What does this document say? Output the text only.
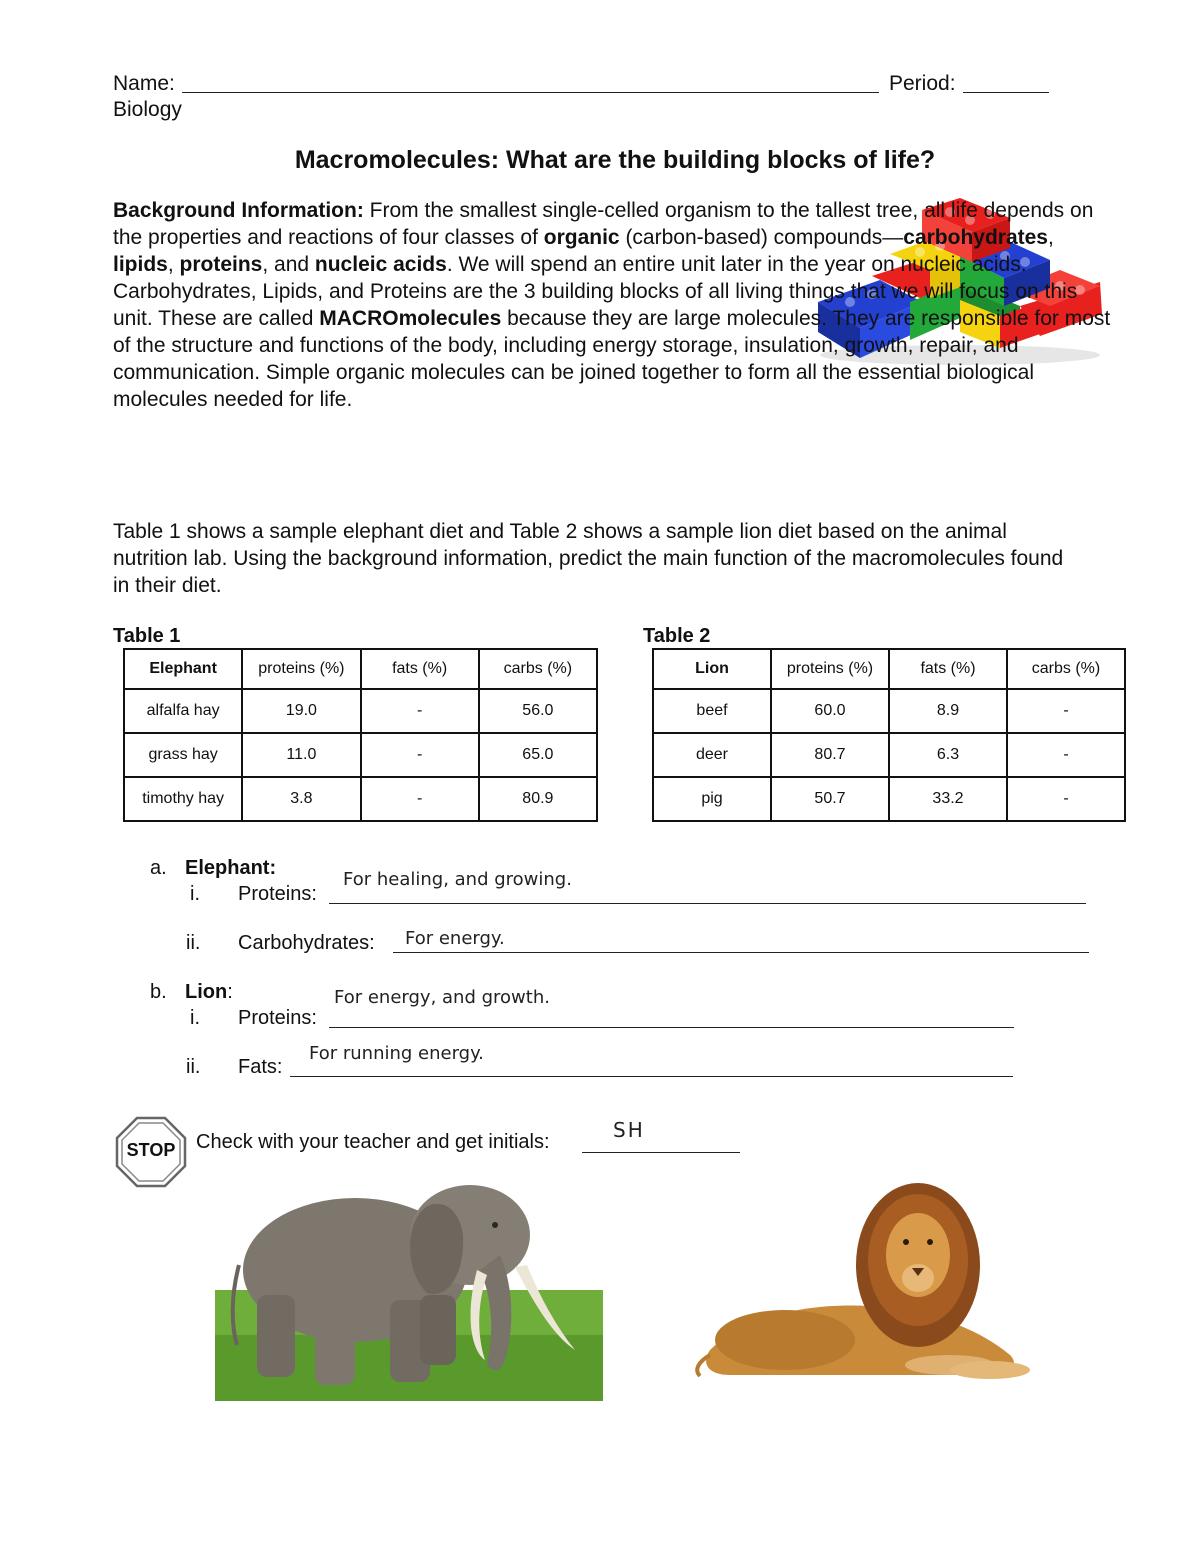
Name:	Period:
Biology
Macromolecules: What are the building blocks of life?

Background Information: From the smallest single-celled organism to the tallest tree, all life depends on the properties and reactions of four classes of organic (carbon-based) compounds—carbohydrates, lipids, proteins, and nucleic acids. We will spend an entire unit later in the year on nucleic acids. Carbohydrates, Lipids, and Proteins are the 3 building blocks of all living things that we will focus on this unit. These are called MACROmolecules because they are large molecules. They are responsible for most of the structure and functions of the body, including energy storage, insulation, growth, repair, and communication. Simple organic molecules can be joined together to form all the essential biological molecules needed for life.

Table 1 shows a sample elephant diet and Table 2 shows a sample lion diet based on the animal nutrition lab. Using the background information, predict the main function of the macromolecules found in their diet.
Table 1	Table 2
Elephant	proteins (%)	fats (%)	carbs (%)
alfalfa hay	19.0	-	56.0
grass hay	11.0	-	65.0
timothy hay	3.8	-	80.9
Lion	proteins (%)	fats (%)	carbs (%)
beef	60.0	8.9	-
deer	80.7	6.3	-
pig	50.7	33.2	-
a. Elephant:
i. Proteins:
For healing, and growing.
ii. Carbohydrates: For energy.
b. Lion:
i. Proteins:
For energy, and growth.
ii. Fats:
For running energy.
STOP	Check with your teacher and get initials:	SH
